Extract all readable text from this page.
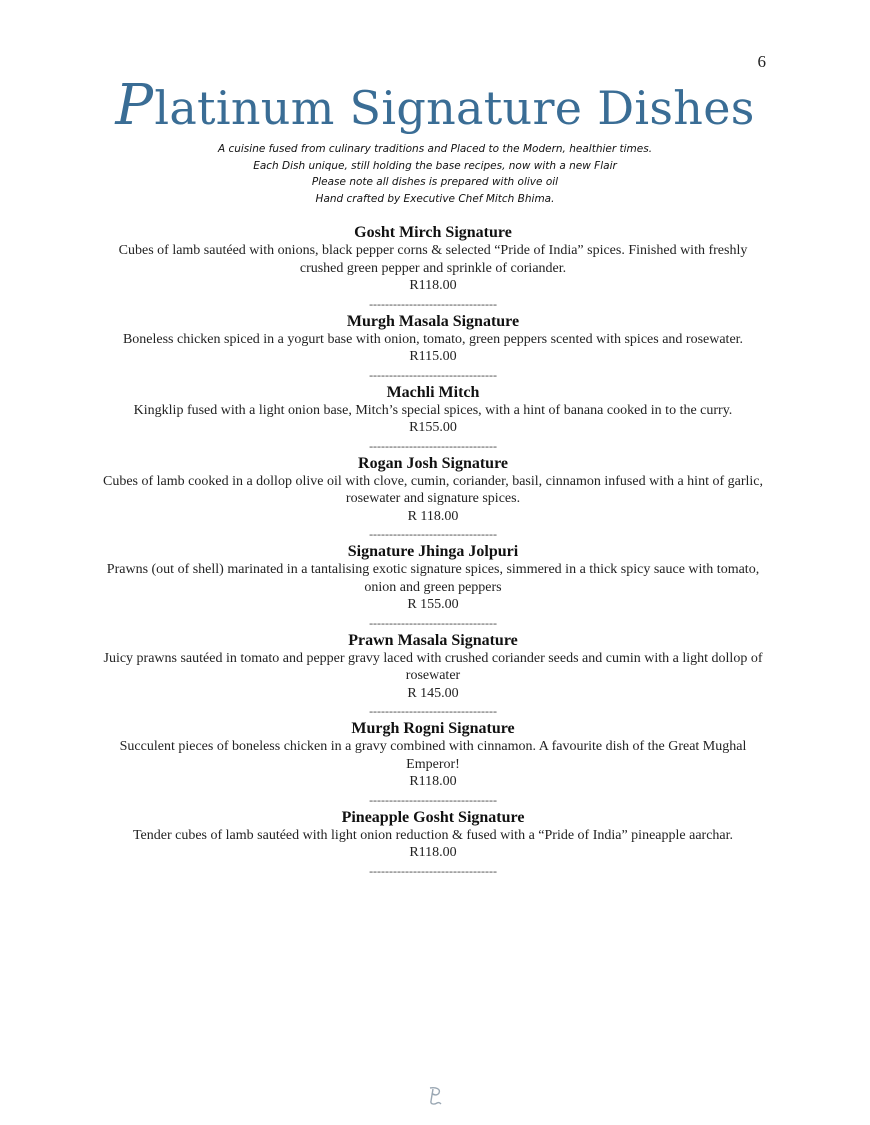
6
Platinum Signature Dishes
A cuisine fused from culinary traditions and Placed to the Modern, healthier times.
Each Dish unique, still holding the base recipes, now with a new Flair
Please note all dishes is prepared with olive oil
Hand crafted by Executive Chef Mitch Bhima.
Gosht Mirch Signature
Cubes of lamb sautéed with onions, black pepper corns & selected “Pride of India” spices. Finished with freshly crushed green pepper and sprinkle of coriander.
R118.00
--------------------------------
Murgh Masala Signature
Boneless chicken spiced in a yogurt base with onion, tomato, green peppers scented with spices and rosewater.
R115.00
--------------------------------
Machli Mitch
Kingklip fused with a light onion base, Mitch’s special spices, with a hint of banana cooked in to the curry.
R155.00
--------------------------------
Rogan Josh Signature
Cubes of lamb cooked in a dollop olive oil with clove, cumin, coriander, basil, cinnamon infused with a hint of garlic, rosewater and signature spices.
R 118.00
--------------------------------
Signature Jhinga Jolpuri
Prawns (out of shell) marinated in a tantalising exotic signature spices, simmered in a thick spicy sauce with tomato, onion and green peppers
R 155.00
--------------------------------
Prawn Masala Signature
Juicy prawns sautéed in tomato and pepper gravy laced with crushed coriander seeds and cumin with a light dollop of rosewater
R 145.00
--------------------------------
Murgh Rogni Signature
Succulent pieces of boneless chicken in a gravy combined with cinnamon. A favourite dish of the Great Mughal Emperor!
R118.00
--------------------------------
Pineapple Gosht Signature
Tender cubes of lamb sautéed with light onion reduction & fused with a “Pride of India” pineapple aarchar.
R118.00
--------------------------------
